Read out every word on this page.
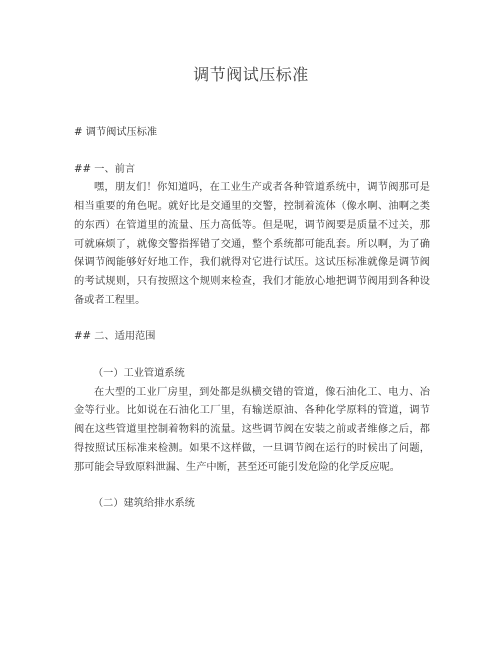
调节阀试压标准

# 调节阀试压标准

## 一、前言

嘿，朋友们！你知道吗，在工业生产或者各种管道系统中，调节阀那可是相当重要的角色呢。就好比是交通里的交警，控制着流体（像水啊、油啊之类的东西）在管道里的流量、压力高低等。但是呢，调节阀要是质量不过关，那可就麻烦了，就像交警指挥错了交通，整个系统都可能乱套。所以啊，为了确保调节阀能够好好地工作，我们就得对它进行试压。这试压标准就像是调节阀的考试规则，只有按照这个规则来检查，我们才能放心地把调节阀用到各种设备或者工程里。

## 二、适用范围

（一）工业管道系统

在大型的工业厂房里，到处都是纵横交错的管道，像石油化工、电力、冶金等行业。比如说在石油化工厂里，有输送原油、各种化学原料的管道，调节阀在这些管道里控制着物料的流量。这些调节阀在安装之前或者维修之后，都得按照试压标准来检测。如果不这样做，一旦调节阀在运行的时候出了问题，那可能会导致原料泄漏、生产中断，甚至还可能引发危险的化学反应呢。

（二）建筑给排水系统
